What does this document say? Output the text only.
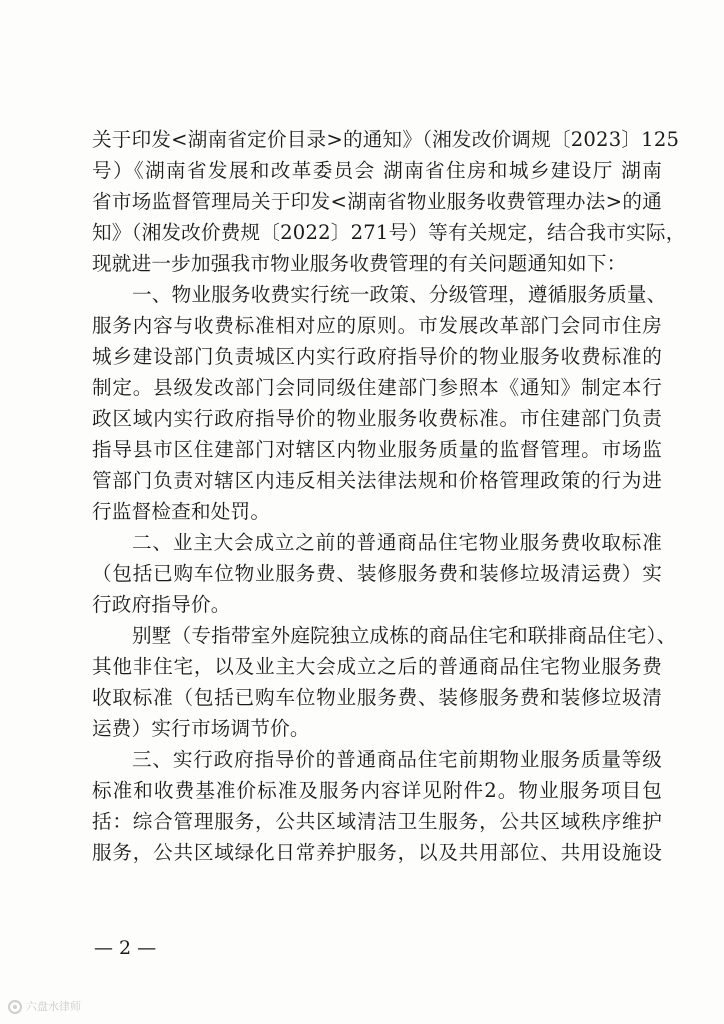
关于印发<湖南省定价目录>的通知》（湘发改价调规〔2023〕125
号）《湖南省发展和改革委员会 湖南省住房和城乡建设厅 湖南
省市场监督管理局关于印发<湖南省物业服务收费管理办法>的通
知》（湘发改价费规〔2022〕271号）等有关规定，结合我市实际，
现就进一步加强我市物业服务收费管理的有关问题通知如下：
一、物业服务收费实行统一政策、分级管理，遵循服务质量、
服务内容与收费标准相对应的原则。市发展改革部门会同市住房
城乡建设部门负责城区内实行政府指导价的物业服务收费标准的
制定。县级发改部门会同同级住建部门参照本《通知》制定本行
政区域内实行政府指导价的物业服务收费标准。市住建部门负责
指导县市区住建部门对辖区内物业服务质量的监督管理。市场监
管部门负责对辖区内违反相关法律法规和价格管理政策的行为进
行监督检查和处罚。
二、业主大会成立之前的普通商品住宅物业服务费收取标准
（包括已购车位物业服务费、装修服务费和装修垃圾清运费）实
行政府指导价。
别墅（专指带室外庭院独立成栋的商品住宅和联排商品住宅）、
其他非住宅，以及业主大会成立之后的普通商品住宅物业服务费
收取标准（包括已购车位物业服务费、装修服务费和装修垃圾清
运费）实行市场调节价。
三、实行政府指导价的普通商品住宅前期物业服务质量等级
标准和收费基准价标准及服务内容详见附件2。物业服务项目包
括：综合管理服务，公共区域清洁卫生服务，公共区域秩序维护
服务，公共区域绿化日常养护服务，以及共用部位、共用设施设
— 2 —
六盘水律师
